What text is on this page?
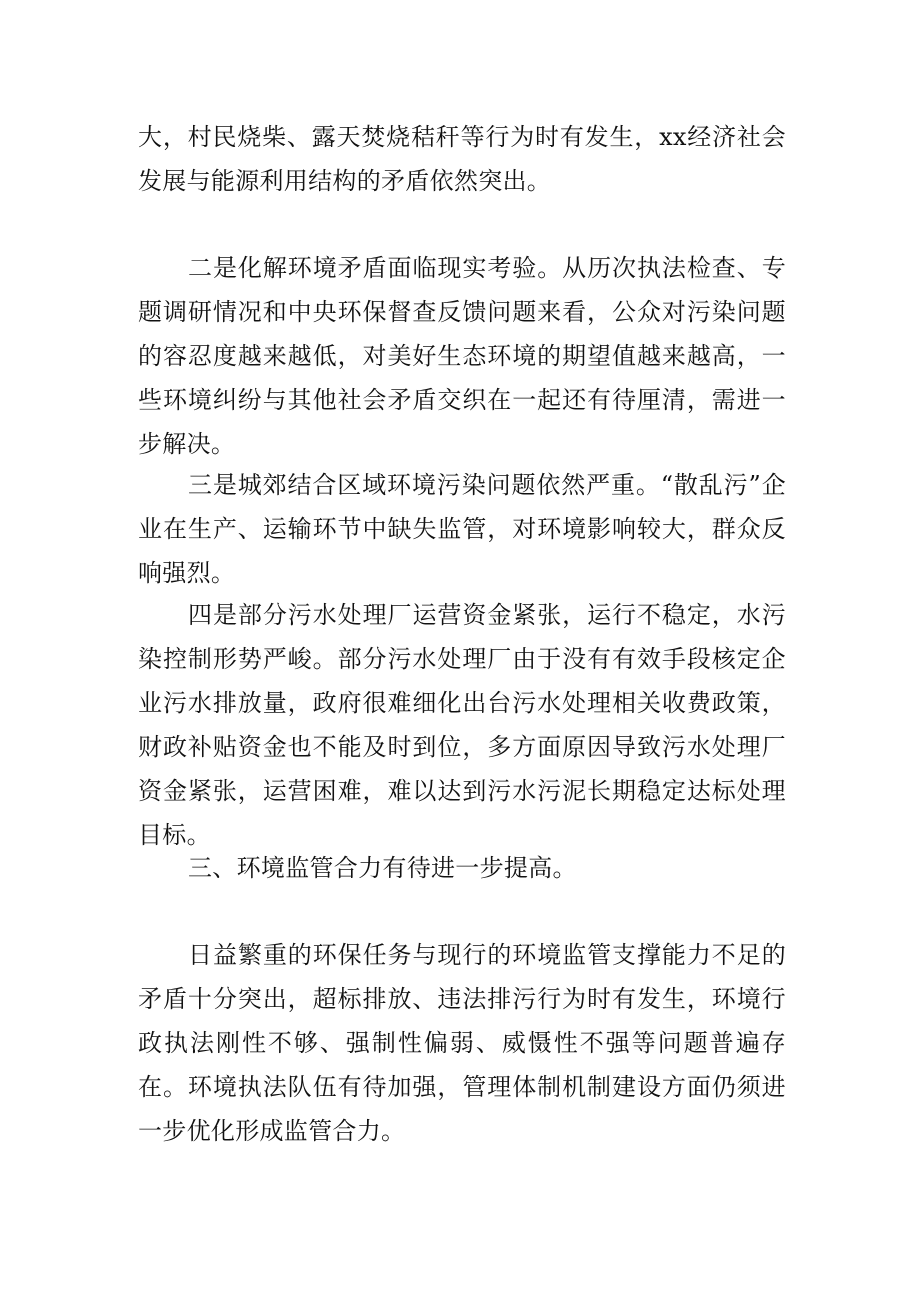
大，村民烧柴、露天焚烧秸秆等行为时有发生，xx经济社会发展与能源利用结构的矛盾依然突出。

二是化解环境矛盾面临现实考验。从历次执法检查、专题调研情况和中央环保督查反馈问题来看，公众对污染问题的容忍度越来越低，对美好生态环境的期望值越来越高，一些环境纠纷与其他社会矛盾交织在一起还有待厘清，需进一步解决。

三是城郊结合区域环境污染问题依然严重。“散乱污”企业在生产、运输环节中缺失监管，对环境影响较大，群众反响强烈。

四是部分污水处理厂运营资金紧张，运行不稳定，水污染控制形势严峻。部分污水处理厂由于没有有效手段核定企业污水排放量，政府很难细化出台污水处理相关收费政策，财政补贴资金也不能及时到位，多方面原因导致污水处理厂资金紧张，运营困难，难以达到污水污泥长期稳定达标处理目标。

三、环境监管合力有待进一步提高。

日益繁重的环保任务与现行的环境监管支撑能力不足的矛盾十分突出，超标排放、违法排污行为时有发生，环境行政执法刚性不够、强制性偏弱、威慑性不强等问题普遍存在。环境执法队伍有待加强，管理体制机制建设方面仍须进一步优化形成监管合力。
